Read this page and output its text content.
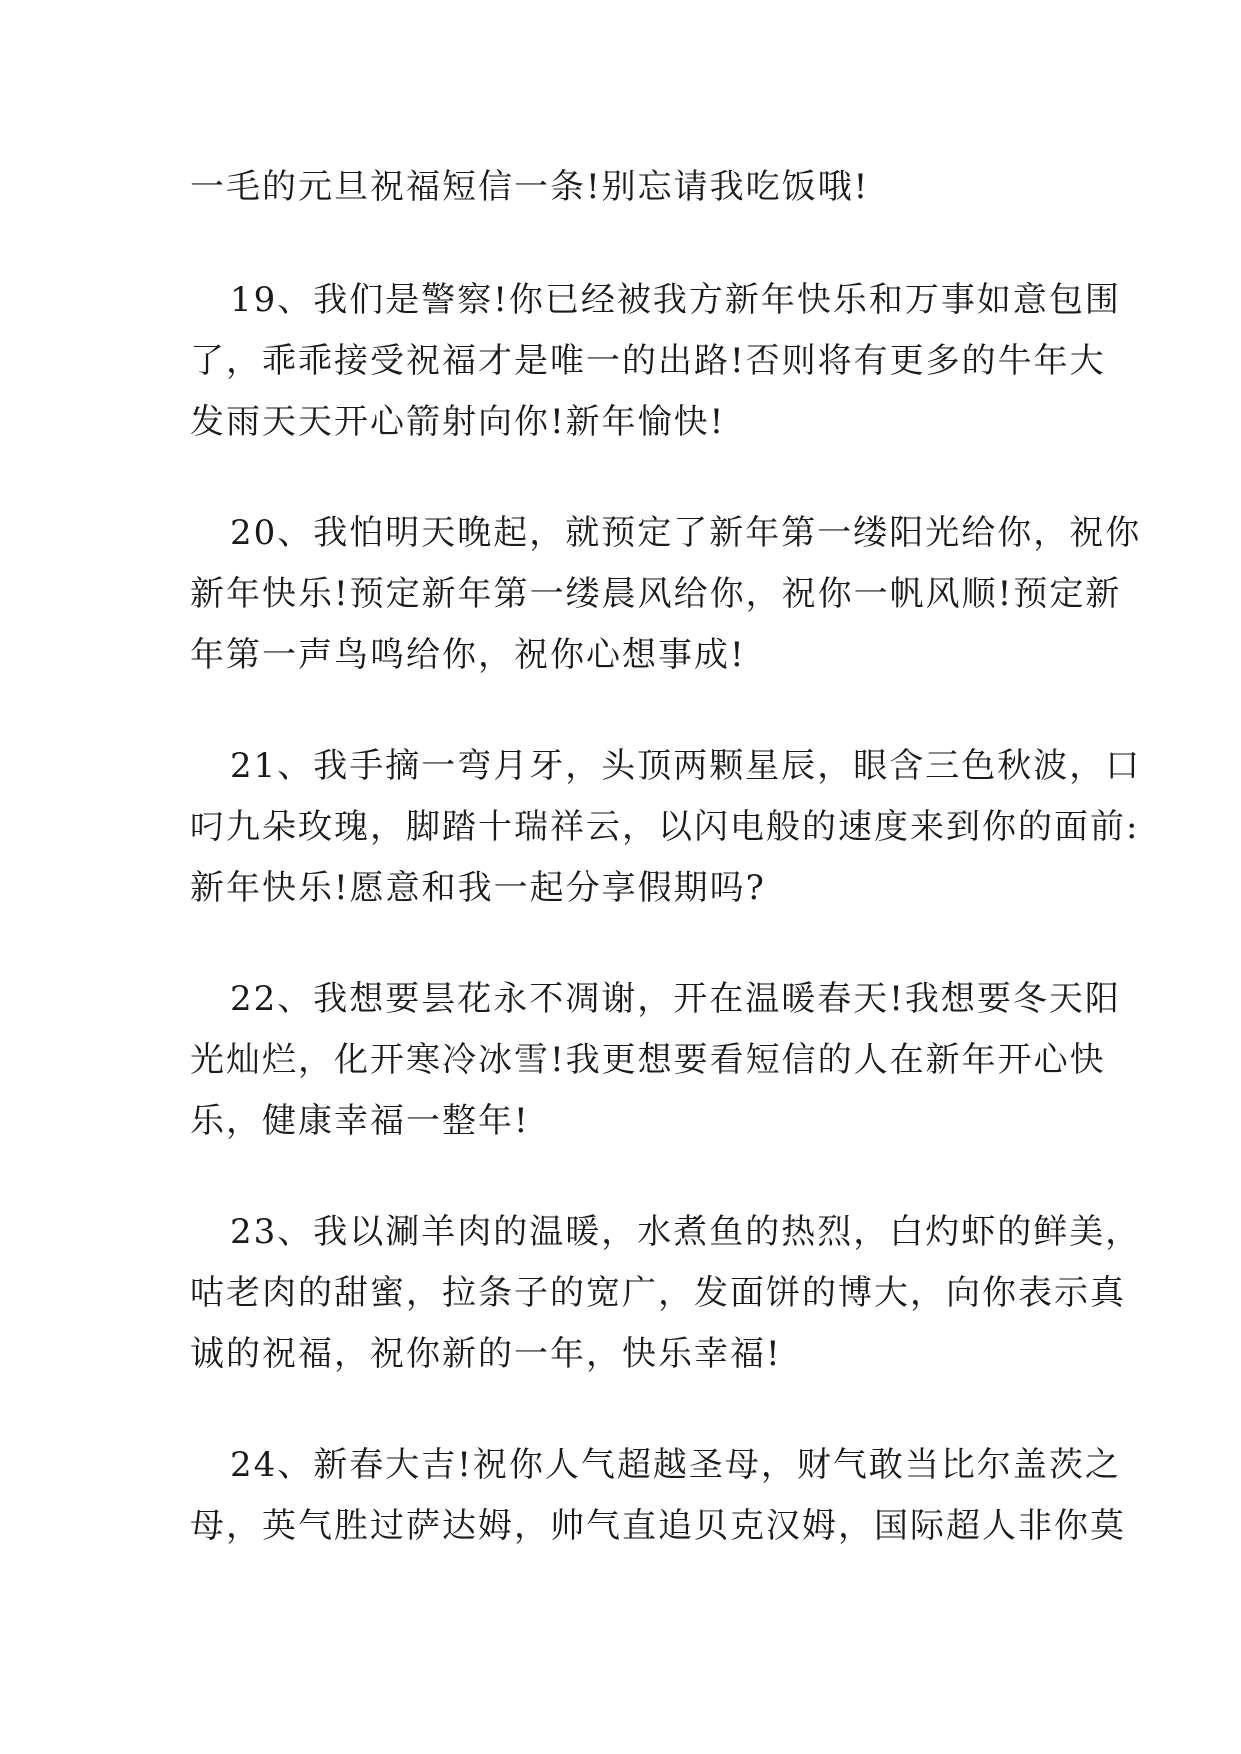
一毛的元旦祝福短信一条!别忘请我吃饭哦!
19、我们是警察!你已经被我方新年快乐和万事如意包围
了，乖乖接受祝福才是唯一的出路!否则将有更多的牛年大
发雨天天开心箭射向你!新年愉快!
20、我怕明天晚起，就预定了新年第一缕阳光给你，祝你
新年快乐!预定新年第一缕晨风给你，祝你一帆风顺!预定新
年第一声鸟鸣给你，祝你心想事成!
21、我手摘一弯月牙，头顶两颗星辰，眼含三色秋波，口
叼九朵玫瑰，脚踏十瑞祥云，以闪电般的速度来到你的面前:
新年快乐!愿意和我一起分享假期吗?
22、我想要昙花永不凋谢，开在温暖春天!我想要冬天阳
光灿烂，化开寒冷冰雪!我更想要看短信的人在新年开心快
乐，健康幸福一整年!
23、我以涮羊肉的温暖，水煮鱼的热烈，白灼虾的鲜美，
咕老肉的甜蜜，拉条子的宽广，发面饼的博大，向你表示真
诚的祝福，祝你新的一年，快乐幸福!
24、新春大吉!祝你人气超越圣母，财气敢当比尔盖茨之
母，英气胜过萨达姆，帅气直追贝克汉姆，国际超人非你莫
